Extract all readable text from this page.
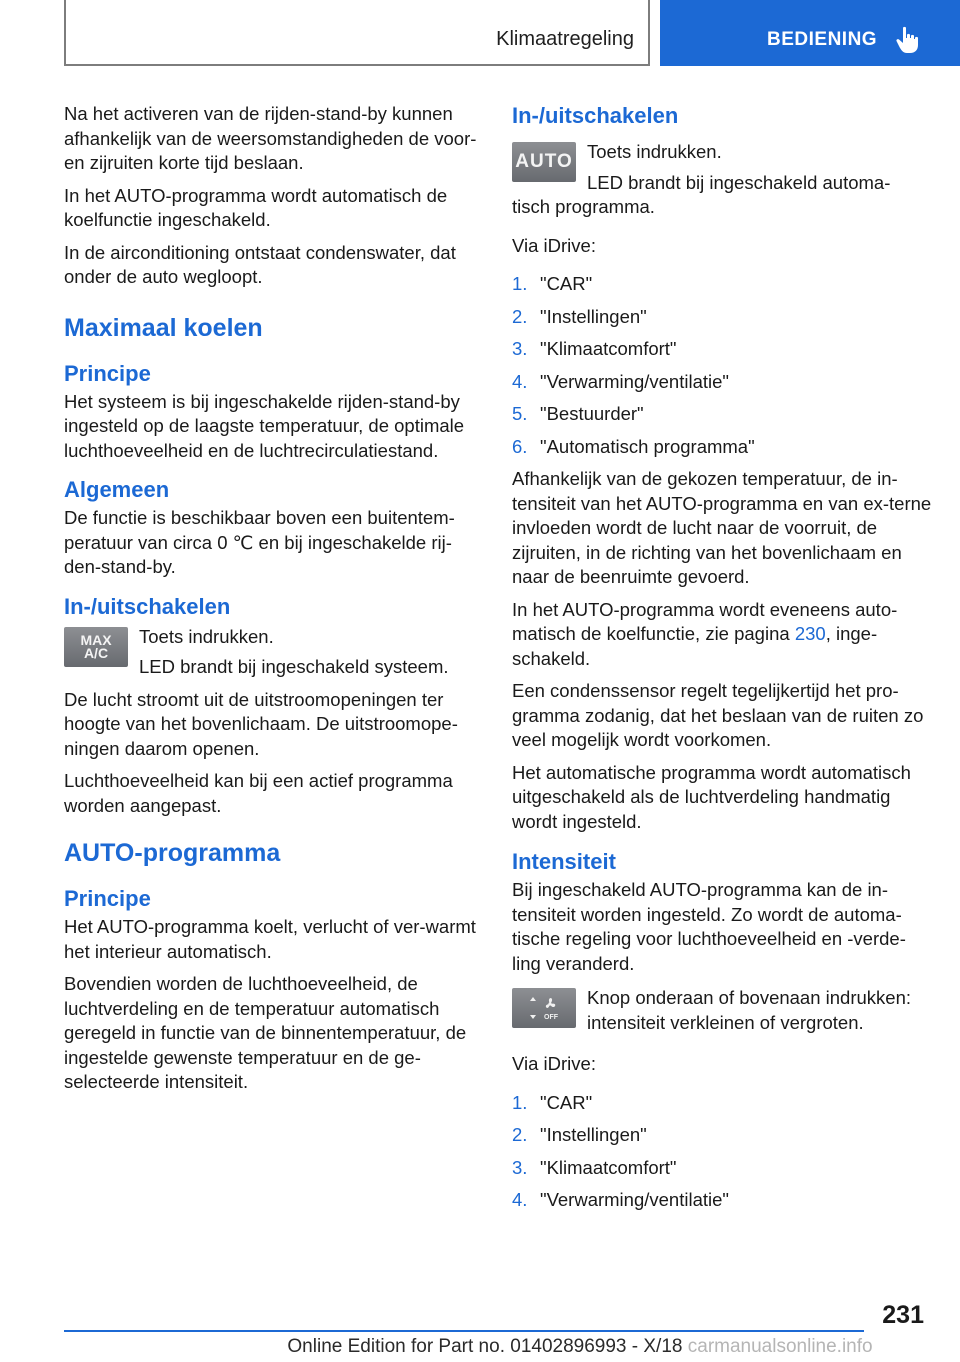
Klimaatregeling	BEDIENING

Na het activeren van de rijden-stand-by kunnen afhankelijk van de weersomstandigheden de voor- en zijruiten korte tijd beslaan.

In het AUTO-programma wordt automatisch de koelfunctie ingeschakeld.

In de airconditioning ontstaat condenswater, dat onder de auto wegloopt.

Maximaal koelen
Principe

Het systeem is bij ingeschakelde rijden-stand-by ingesteld op de laagste temperatuur, de optimale luchthoeveelheid en de luchtrecirculatiestand.

Algemeen

De functie is beschikbaar boven een buitentem-peratuur van circa 0 ℃ en bij ingeschakelde rij-den-stand-by.

In-/uitschakelen
MAX
A/C

Toets indrukken.

LED brandt bij ingeschakeld systeem.

De lucht stroomt uit de uitstroomopeningen ter hoogte van het bovenlichaam. De uitstroomope-ningen daarom openen.

Luchthoeveelheid kan bij een actief programma worden aangepast.

AUTO-programma
Principe

Het AUTO-programma koelt, verlucht of ver-warmt het interieur automatisch.

Bovendien worden de luchthoeveelheid, de luchtverdeling en de temperatuur automatisch geregeld in functie van de binnentemperatuur, de ingestelde gewenste temperatuur en de ge-selecteerde intensiteit.

In-/uitschakelen
AUTO Toets indrukken.

LED brandt bij ingeschakeld automa-

tisch programma.

Via iDrive:

1. "CAR"
2. "Instellingen"
3. "Klimaatcomfort"
4. "Verwarming/ventilatie"
5. "Bestuurder"
6. "Automatisch programma"

Afhankelijk van de gekozen temperatuur, de in-tensiteit van het AUTO-programma en van ex-terne invloeden wordt de lucht naar de voorruit, de zijruiten, in de richting van het bovenlichaam en naar de beenruimte gevoerd.

In het AUTO-programma wordt eveneens auto-matisch de koelfunctie, zie pagina 230, inge-schakeld.

Een condenssensor regelt tegelijkertijd het pro-gramma zodanig, dat het beslaan van de ruiten zo veel mogelijk wordt voorkomen.

Het automatische programma wordt automatisch uitgeschakeld als de luchtverdeling handmatig wordt ingesteld.

Intensiteit

Bij ingeschakeld AUTO-programma kan de in-tensiteit worden ingesteld. Zo wordt de automa-tische regeling voor luchthoeveelheid en -verde-ling veranderd.

OFF

Knop onderaan of bovenaan indrukken: intensiteit verkleinen of vergroten.

Via iDrive:

1. "CAR"
2. "Instellingen"
3. "Klimaatcomfort"
4. "Verwarming/ventilatie"
231
Online Edition for Part no. 01402896993 - X/18 carmanualsonline.info
